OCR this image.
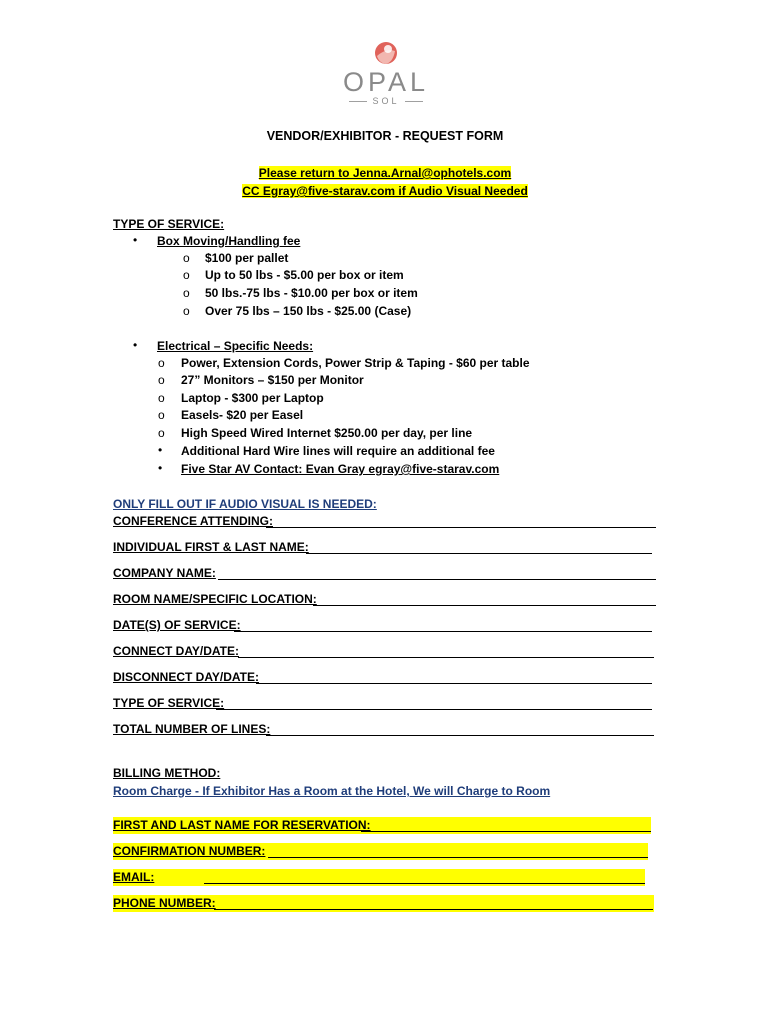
OPAL
SOL
VENDOR/EXHIBITOR - REQUEST FORM
Please return to Jenna.Arnal@ophotels.com
CC Egray@five-starav.com if Audio Visual Needed
TYPE OF SERVICE:
• Box Moving/Handling fee
o $100 per pallet
o Up to 50 lbs - $5.00 per box or item
o 50 lbs.-75 lbs - $10.00 per box or item
o Over 75 lbs – 150 lbs - $25.00 (Case)
• Electrical – Specific Needs:
o Power, Extension Cords, Power Strip & Taping - $60 per table
o 27” Monitors – $150 per Monitor
o Laptop - $300 per Laptop
o Easels- $20 per Easel
o High Speed Wired Internet $250.00 per day, per line
• Additional Hard Wire lines will require an additional fee
• Five Star AV Contact: Evan Gray egray@five-starav.com
ONLY FILL OUT IF AUDIO VISUAL IS NEEDED:
CONFERENCE ATTENDING:
INDIVIDUAL FIRST & LAST NAME:
COMPANY NAME:
ROOM NAME/SPECIFIC LOCATION:
DATE(S) OF SERVICE:
CONNECT DAY/DATE:
DISCONNECT DAY/DATE:
TYPE OF SERVICE:
TOTAL NUMBER OF LINES:
BILLING METHOD:
Room Charge - If Exhibitor Has a Room at the Hotel, We will Charge to Room
FIRST AND LAST NAME FOR RESERVATION:
CONFIRMATION NUMBER:
EMAIL:
PHONE NUMBER:
